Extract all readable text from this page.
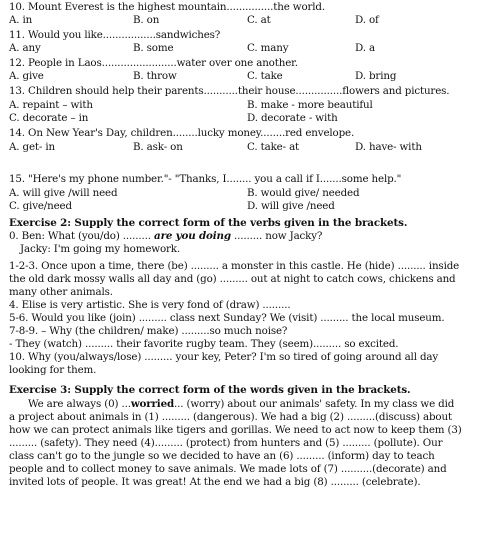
10. Mount Everest is the highest mountain...............the world.
A. in	B. on	C. at	D. of
11. Would you like.................sandwiches?
A. any	B. some	C. many	D. a
12. People in Laos........................water over one another.
A. give	B. throw	C. take	D. bring
13. Children should help their parents...........their house...............flowers and pictures.
A. repaint – with	B. make - more beautiful
C. decorate – in	D. decorate - with
14. On New Year's Day, children........lucky money........red envelope.
A. get- in	B. ask- on	C. take- at	D. have- with
15. "Here's my phone number."- "Thanks, I........ you a call if I.......some help."
A. will give /will need	B. would give/ needed
C. give/need	D. will give /need
Exercise 2: Supply the correct form of the verbs given in the brackets.
0. Ben: What (you/do) ......... are you doing ......... now Jacky?
Jacky: I'm going my homework.
1-2-3. Once upon a time, there (be) ......... a monster in this castle. He (hide) ......... inside
the old dark mossy walls all day and (go) ......... out at night to catch cows, chickens and
many other animals.
4. Elise is very artistic. She is very fond of (draw) .........
5-6. Would you like (join) ......... class next Sunday? We (visit) ......... the local museum.
7-8-9. – Why (the children/ make) .........so much noise?
- They (watch) ......... their favorite rugby team. They (seem)......... so excited.
10. Why (you/always/lose) ......... your key, Peter? I'm so tired of going around all day
looking for them.
Exercise 3: Supply the correct form of the words given in the brackets.
We are always (0) ...worried... (worry) about our animals' safety. In my class we did
a project about animals in (1) ......... (dangerous). We had a big (2) .........(discuss) about
how we can protect animals like tigers and gorillas. We need to act now to keep them (3)
......... (safety). They need (4)......... (protect) from hunters and (5) ......... (pollute). Our
class can't go to the jungle so we decided to have an (6) ......... (inform) day to teach
people and to collect money to save animals. We made lots of (7) ..........(decorate) and
invited lots of people. It was great! At the end we had a big (8) ......... (celebrate).
